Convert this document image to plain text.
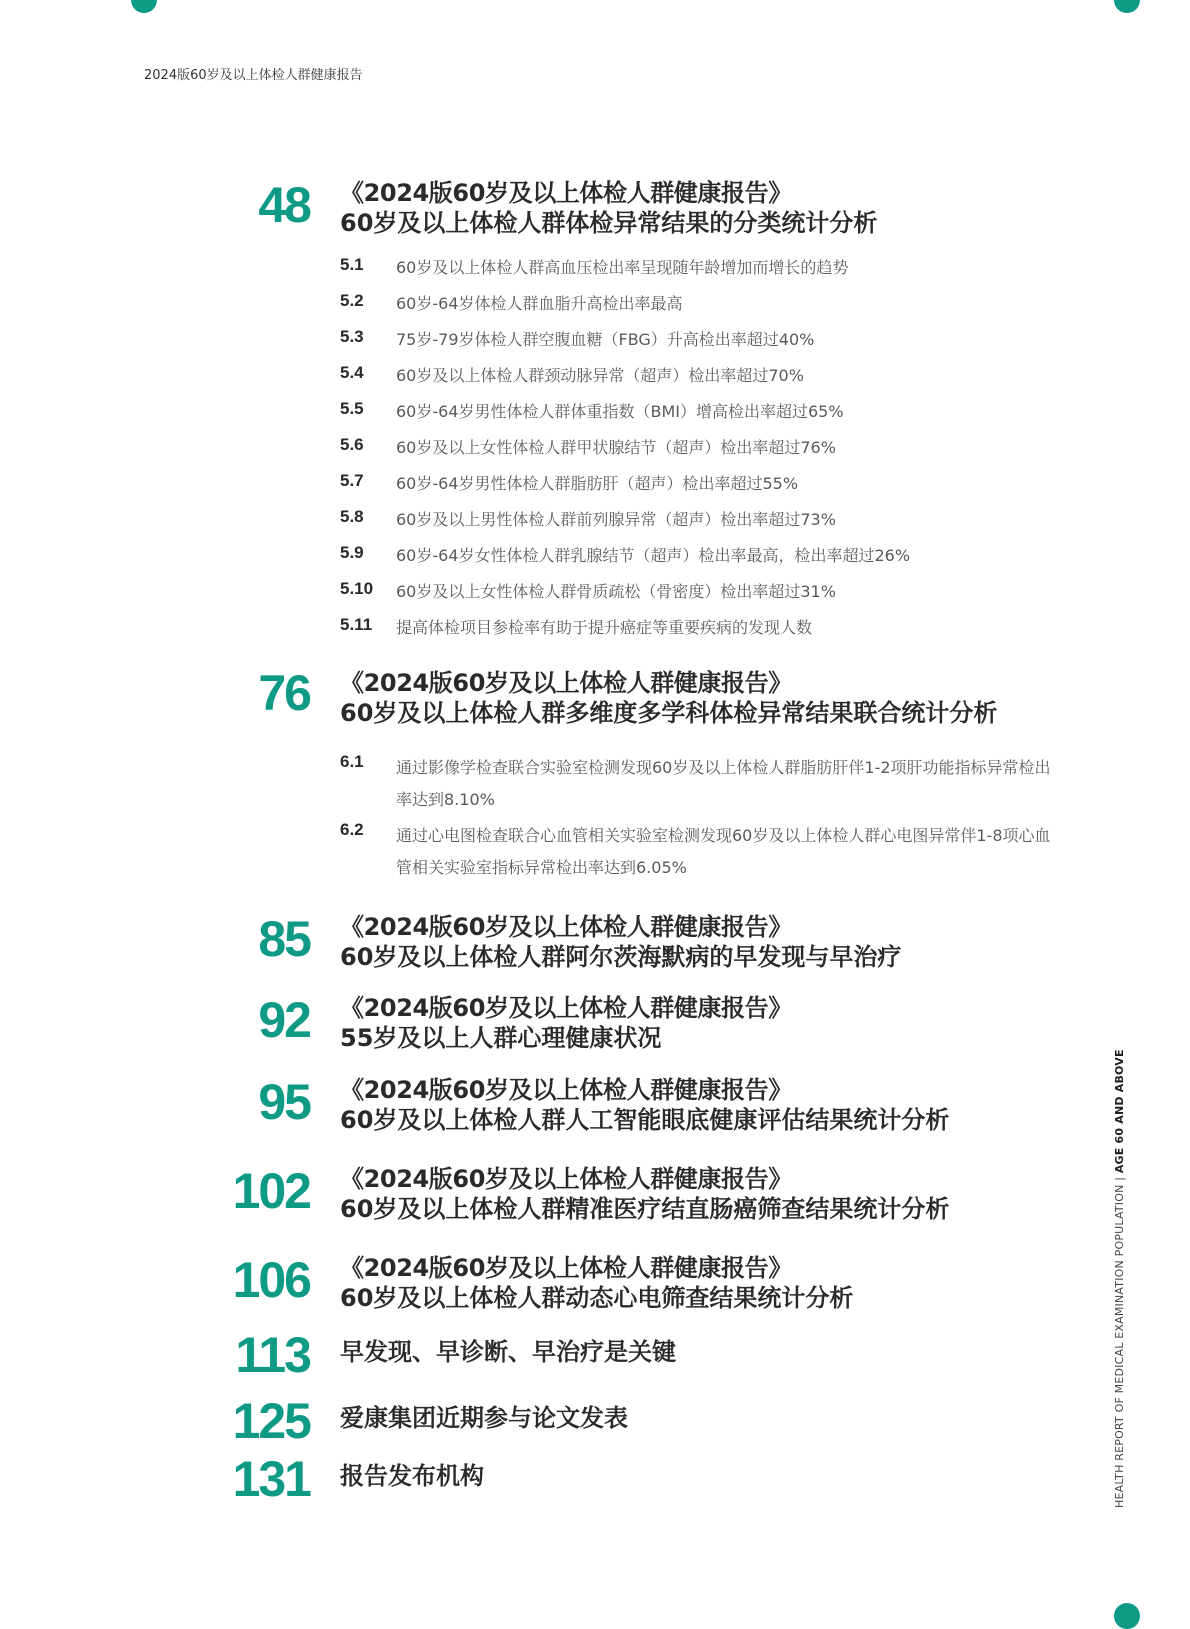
2024版60岁及以上体检人群健康报告
48 《2024版60岁及以上体检人群健康报告》
60岁及以上体检人群体检异常结果的分类统计分析
5.1 60岁及以上体检人群高血压检出率呈现随年龄增加而增长的趋势
5.2 60岁-64岁体检人群血脂升高检出率最高
5.3 75岁-79岁体检人群空腹血糖（FBG）升高检出率超过40%
5.4 60岁及以上体检人群颈动脉异常（超声）检出率超过70%
5.5 60岁-64岁男性体检人群体重指数（BMI）增高检出率超过65%
5.6 60岁及以上女性体检人群甲状腺结节（超声）检出率超过76%
5.7 60岁-64岁男性体检人群脂肪肝（超声）检出率超过55%
5.8 60岁及以上男性体检人群前列腺异常（超声）检出率超过73%
5.9 60岁-64岁女性体检人群乳腺结节（超声）检出率最高，检出率超过26%
5.10 60岁及以上女性体检人群骨质疏松（骨密度）检出率超过31%
5.11 提高体检项目参检率有助于提升癌症等重要疾病的发现人数
76 《2024版60岁及以上体检人群健康报告》
60岁及以上体检人群多维度多学科体检异常结果联合统计分析
6.1 通过影像学检查联合实验室检测发现60岁及以上体检人群脂肪肝伴1-2项肝功能指标异常检出率达到8.10%
6.2 通过心电图检查联合心血管相关实验室检测发现60岁及以上体检人群心电图异常伴1-8项心血管相关实验室指标异常检出率达到6.05%
85 《2024版60岁及以上体检人群健康报告》
60岁及以上体检人群阿尔茨海默病的早发现与早治疗
92 《2024版60岁及以上体检人群健康报告》
55岁及以上人群心理健康状况
95 《2024版60岁及以上体检人群健康报告》
60岁及以上体检人群人工智能眼底健康评估结果统计分析
102 《2024版60岁及以上体检人群健康报告》
60岁及以上体检人群精准医疗结直肠癌筛查结果统计分析
106 《2024版60岁及以上体检人群健康报告》
60岁及以上体检人群动态心电筛查结果统计分析
113 早发现、早诊断、早治疗是关键
125 爱康集团近期参与论文发表
131 报告发布机构	HEALTH REPORT OF MEDICAL EXAMINATION POPULATION | AGE 60 AND ABOVE
